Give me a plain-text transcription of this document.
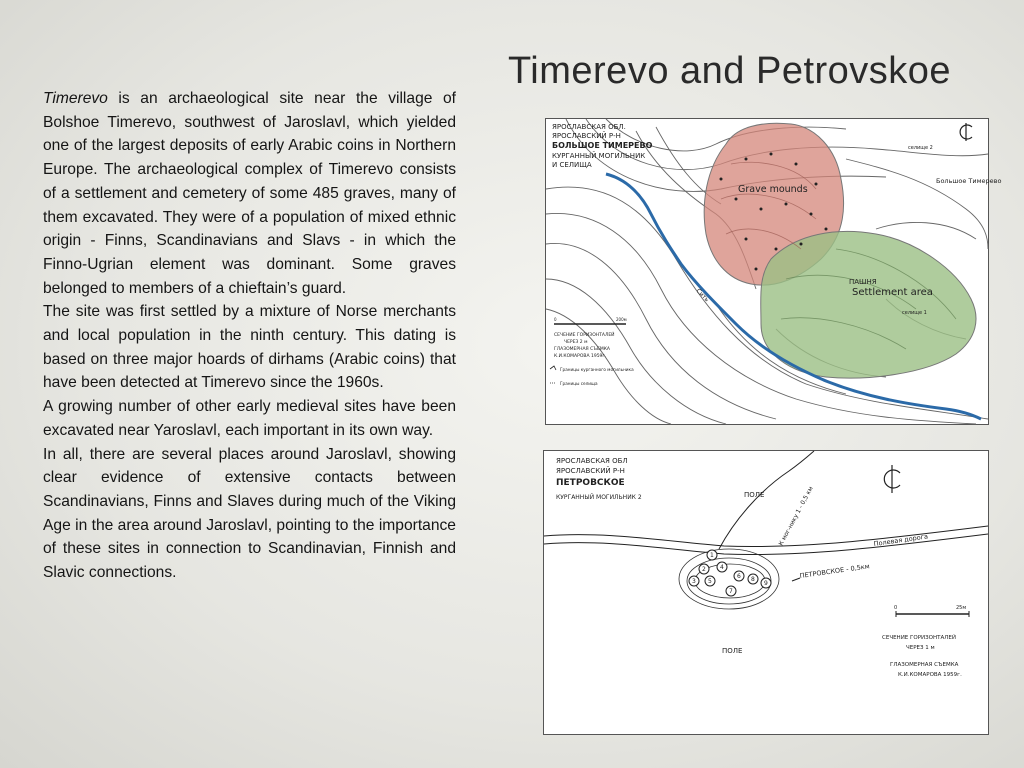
Timerevo and Petrovskoe

Timerevo is an archaeological site near the village of Bolshoe Timerevo, southwest of Jaroslavl, which yielded one of the largest deposits of early Arabic coins in Northern Europe. The archaeological complex of Timerevo consists of a settlement and cemetery of some 485 graves, many of them excavated. They were of a population of mixed ethnic origin - Finns, Scandinavians and Slavs - in which the Finno-Ugrian element was dominant. Some graves belonged to members of a chieftain’s guard.

The site was first settled by a mixture of Norse merchants and local population in the ninth century. This dating is based on three major hoards of dirhams (Arabic coins) that have been detected at Timerevo since the 1960s.

A growing number of other early medieval sites have been excavated near Yaroslavl, each important in its own way.

In all, there are several places around Jaroslavl, showing clear evidence of extensive contacts between Scandinavians, Finns and Slaves during much of the Viking Age in the area around Jaroslavl, pointing to the importance of these sites in connection to Scandinavian, Finnish and Slavic connections.

ЯРОСЛАВСКАЯ ОБЛ.
ЯРОСЛАВСКИЙ Р-Н
БОЛЬШОЕ ТИМЕРЕВО
КУРГАННЫЙ МОГИЛЬНИК
И СЕЛИЩА
Grave mounds
ПАШНЯ
Settlement area
селище 1
селище 2
Большое Тимерево
Сить
0	200м
СЕЧЕНИЕ ГОРИЗОНТАЛЕЙ
ЧЕРЕЗ 2 м
ГЛАЗОМЕРНАЯ СЪЕМКА
К.И.КОМАРОВА 1959г.
Границы курганного могильника
Границы селища
ЯРОСЛАВСКАЯ ОБЛ
ЯРОСЛАВСКИЙ Р-Н
ПЕТРОВСКОЕ
КУРГАННЫЙ МОГИЛЬНИК 2	ПОЛЕ
ПОЛЕ
Полевая дорога
К мог-нику 1 - 0,5 км
ПЕТРОВСКОЕ - 0,5км
1
2
3
4
5
6
7
8
9
0	25м
СЕЧЕНИЕ ГОРИЗОНТАЛЕЙ
ЧЕРЕЗ 1 м
ГЛАЗОМЕРНАЯ СЪЕМКА
К.И.КОМАРОВА 1959г.
